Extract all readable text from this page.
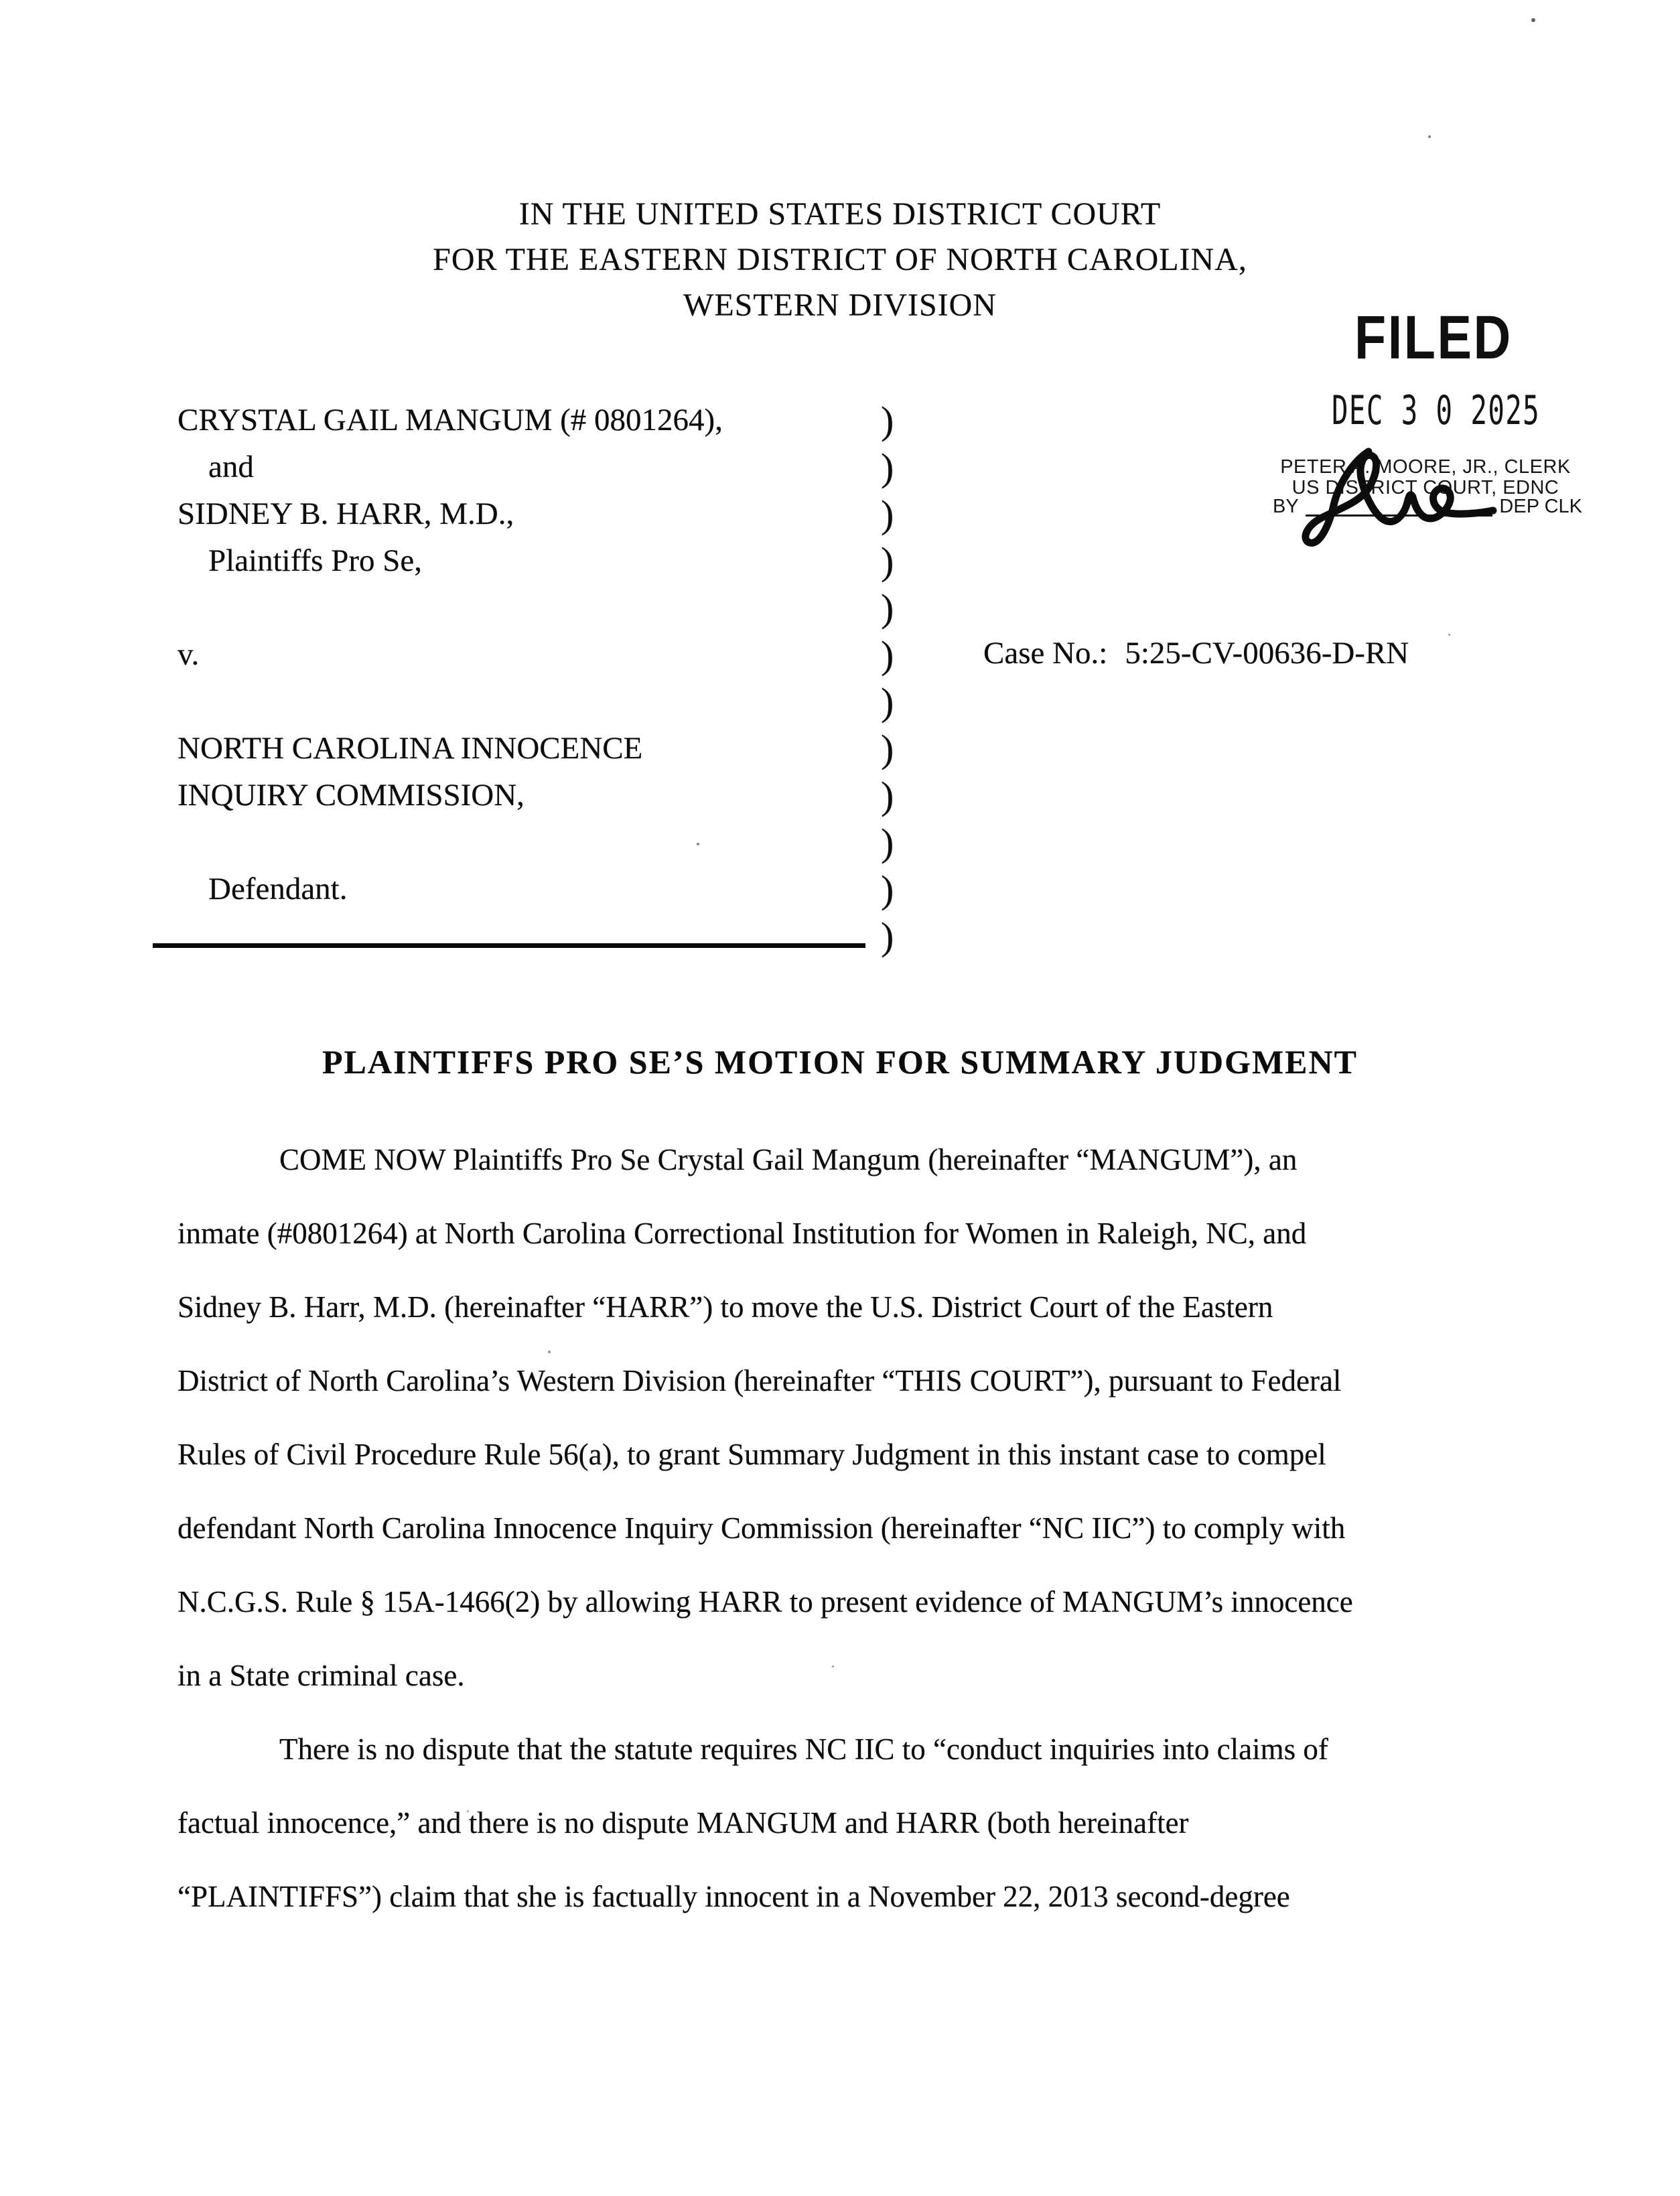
IN THE UNITED STATES DISTRICT COURT
FOR THE EASTERN DISTRICT OF NORTH CAROLINA,
WESTERN DIVISION	FILED
DEC 3 0 2025
PETER A. MOORE, JR., CLERK
US DISTRICT COURT, EDNC
BY	DEP CLK
CRYSTAL GAIL MANGUM (# 0801264),	)
and	)
SIDNEY B. HARR, M.D.,	)
Plaintiffs Pro Se,	)
)
v.	)
)
NORTH CAROLINA INNOCENCE	)
INQUIRY COMMISSION,	)
)
Defendant.	)
)
Case No.: 5:25-CV-00636-D-RN
PLAINTIFFS PRO SE’S MOTION FOR SUMMARY JUDGMENT
COME NOW Plaintiffs Pro Se Crystal Gail Mangum (hereinafter “MANGUM”), an
inmate (#0801264) at North Carolina Correctional Institution for Women in Raleigh, NC, and
Sidney B. Harr, M.D. (hereinafter “HARR”) to move the U.S. District Court of the Eastern
District of North Carolina’s Western Division (hereinafter “THIS COURT”), pursuant to Federal
Rules of Civil Procedure Rule 56(a), to grant Summary Judgment in this instant case to compel
defendant North Carolina Innocence Inquiry Commission (hereinafter “NC IIC”) to comply with
N.C.G.S. Rule § 15A-1466(2) by allowing HARR to present evidence of MANGUM’s innocence
in a State criminal case.
There is no dispute that the statute requires NC IIC to “conduct inquiries into claims of
factual innocence,” and there is no dispute MANGUM and HARR (both hereinafter
“PLAINTIFFS”) claim that she is factually innocent in a November 22, 2013 second-degree
